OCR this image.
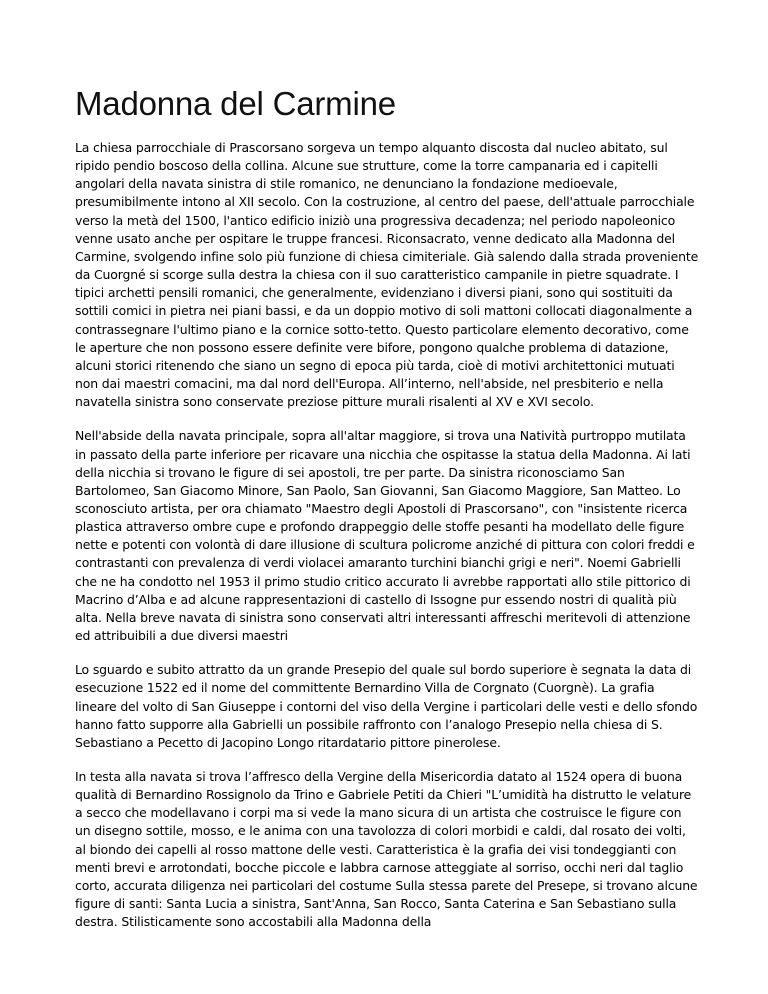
Madonna del Carmine

La chiesa parrocchiale di Prascorsano sorgeva un tempo alquanto discosta dal nucleo abitato, sul ripido pendio boscoso della collina. Alcune sue strutture, come la torre campanaria ed i capitelli angolari della navata sinistra di stile romanico, ne denunciano la fondazione medioevale, presumibilmente intono al XII secolo. Con la costruzione, al centro del paese, dell'attuale parrocchiale verso la metà del 1500, l'antico edificio iniziò una progressiva decadenza; nel periodo napoleonico venne usato anche per ospitare le truppe francesi. Riconsacrato, venne dedicato alla Madonna del Carmine, svolgendo infine solo più funzione di chiesa cimiteriale. Già salendo dalla strada proveniente da Cuorgné si scorge sulla destra la chiesa con il suo caratteristico campanile in pietre squadrate. I tipici archetti pensili romanici, che generalmente, evidenziano i diversi piani, sono qui sostituiti da sottili comici in pietra nei piani bassi, e da un doppio motivo di soli mattoni collocati diagonalmente a contrassegnare l'ultimo piano e la cornice sotto-tetto. Questo particolare elemento decorativo, come le aperture che non possono essere definite vere bifore, pongono qualche problema di datazione, alcuni storici ritenendo che siano un segno di epoca più tarda, cioè di motivi architettonici mutuati non dai maestri comacini, ma dal nord dell'Europa. All’interno, nell'abside, nel presbiterio e nella navatella sinistra sono conservate preziose pitture murali risalenti al XV e XVI secolo.

Nell'abside della navata principale, sopra all'altar maggiore, si trova una Natività purtroppo mutilata in passato della parte inferiore per ricavare una nicchia che ospitasse la statua della Madonna. Ai lati della nicchia si trovano le figure di sei apostoli, tre per parte. Da sinistra riconosciamo San Bartolomeo, San Giacomo Minore, San Paolo, San Giovanni, San Giacomo Maggiore, San Matteo. Lo sconosciuto artista, per ora chiamato "Maestro degli Apostoli di Prascorsano", con "insistente ricerca plastica attraverso ombre cupe e profondo drappeggio delle stoffe pesanti ha modellato delle figure nette e potenti con volontà di dare illusione di scultura policrome anziché di pittura con colori freddi e contrastanti con prevalenza di verdi violacei amaranto turchini bianchi grigi e neri". Noemi Gabrielli che ne ha condotto nel 1953 il primo studio critico accurato li avrebbe rapportati allo stile pittorico di Macrino d’Alba e ad alcune rappresentazioni di castello di Issogne pur essendo nostri di qualità più alta. Nella breve navata di sinistra sono conservati altri interessanti affreschi meritevoli di attenzione ed attribuibili a due diversi maestri

Lo sguardo e subito attratto da un grande Presepio del quale sul bordo superiore è segnata la data di esecuzione 1522 ed il nome del committente Bernardino Villa de Corgnato (Cuorgnè). La grafia lineare del volto di San Giuseppe i contorni del viso della Vergine i particolari delle vesti e dello sfondo hanno fatto supporre alla Gabrielli un possibile raffronto con l’analogo Presepio nella chiesa di S. Sebastiano a Pecetto di Jacopino Longo ritardatario pittore pinerolese.

In testa alla navata si trova l’affresco della Vergine della Misericordia datato al 1524 opera di buona qualità di Bernardino Rossignolo da Trino e Gabriele Petiti da Chieri "L’umidità ha distrutto le velature a secco che modellavano i corpi ma si vede la mano sicura di un artista che costruisce le figure con un disegno sottile, mosso, e le anima con una tavolozza di colori morbidi e caldi, dal rosato dei volti, al biondo dei capelli al rosso mattone delle vesti. Caratteristica è la grafia dei visi tondeggianti con menti brevi e arrotondati, bocche piccole e labbra carnose atteggiate al sorriso, occhi neri dal taglio corto, accurata diligenza nei particolari del costume Sulla stessa parete del Presepe, si trovano alcune figure di santi: Santa Lucia a sinistra, Sant'Anna, San Rocco, Santa Caterina e San Sebastiano sulla destra. Stilisticamente sono accostabili alla Madonna della
